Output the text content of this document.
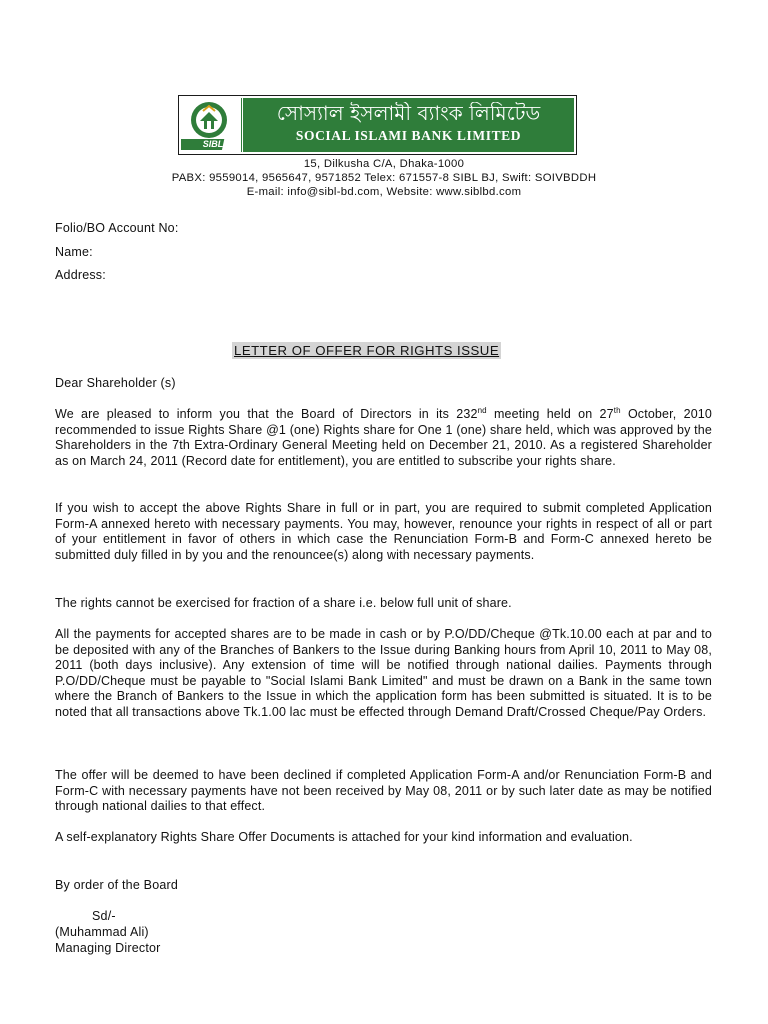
SIBL
সোস্যাল ইসলামী ব্যাংক লিমিটেড
SOCIAL ISLAMI BANK LIMITED
15, Dilkusha C/A, Dhaka-1000
PABX: 9559014, 9565647, 9571852 Telex: 671557-8 SIBL BJ, Swift: SOIVBDDH
E-mail: info@sibl-bd.com, Website: www.siblbd.com
Folio/BO Account No:
Name:
Address:
LETTER OF OFFER FOR RIGHTS ISSUE
Dear Shareholder (s)

We are pleased to inform you that the Board of Directors in its 232nd meeting held on 27th October, 2010 recommended to issue Rights Share @1 (one) Rights share for One 1 (one) share held, which was approved by the Shareholders in the 7th Extra-Ordinary General Meeting held on December 21, 2010. As a registered Shareholder as on March 24, 2011 (Record date for entitlement), you are entitled to subscribe your rights share.

If you wish to accept the above Rights Share in full or in part, you are required to submit completed Application Form-A annexed hereto with necessary payments. You may, however, renounce your rights in respect of all or part of your entitlement in favor of others in which case the Renunciation Form-B and Form-C annexed hereto be submitted duly filled in by you and the renouncee(s) along with necessary payments.

The rights cannot be exercised for fraction of a share i.e. below full unit of share.

All the payments for accepted shares are to be made in cash or by P.O/DD/Cheque @Tk.10.00 each at par and to be deposited with any of the Branches of Bankers to the Issue during Banking hours from April 10, 2011 to May 08, 2011 (both days inclusive). Any extension of time will be notified through national dailies. Payments through P.O/DD/Cheque must be payable to "Social Islami Bank Limited" and must be drawn on a Bank in the same town where the Branch of Bankers to the Issue in which the application form has been submitted is situated. It is to be noted that all transactions above Tk.1.00 lac must be effected through Demand Draft/Crossed Cheque/Pay Orders.

The offer will be deemed to have been declined if completed Application Form-A and/or Renunciation Form-B and Form-C with necessary payments have not been received by May 08, 2011 or by such later date as may be notified through national dailies to that effect.

A self-explanatory Rights Share Offer Documents is attached for your kind information and evaluation.

By order of the Board
Sd/-
(Muhammad Ali)
Managing Director
